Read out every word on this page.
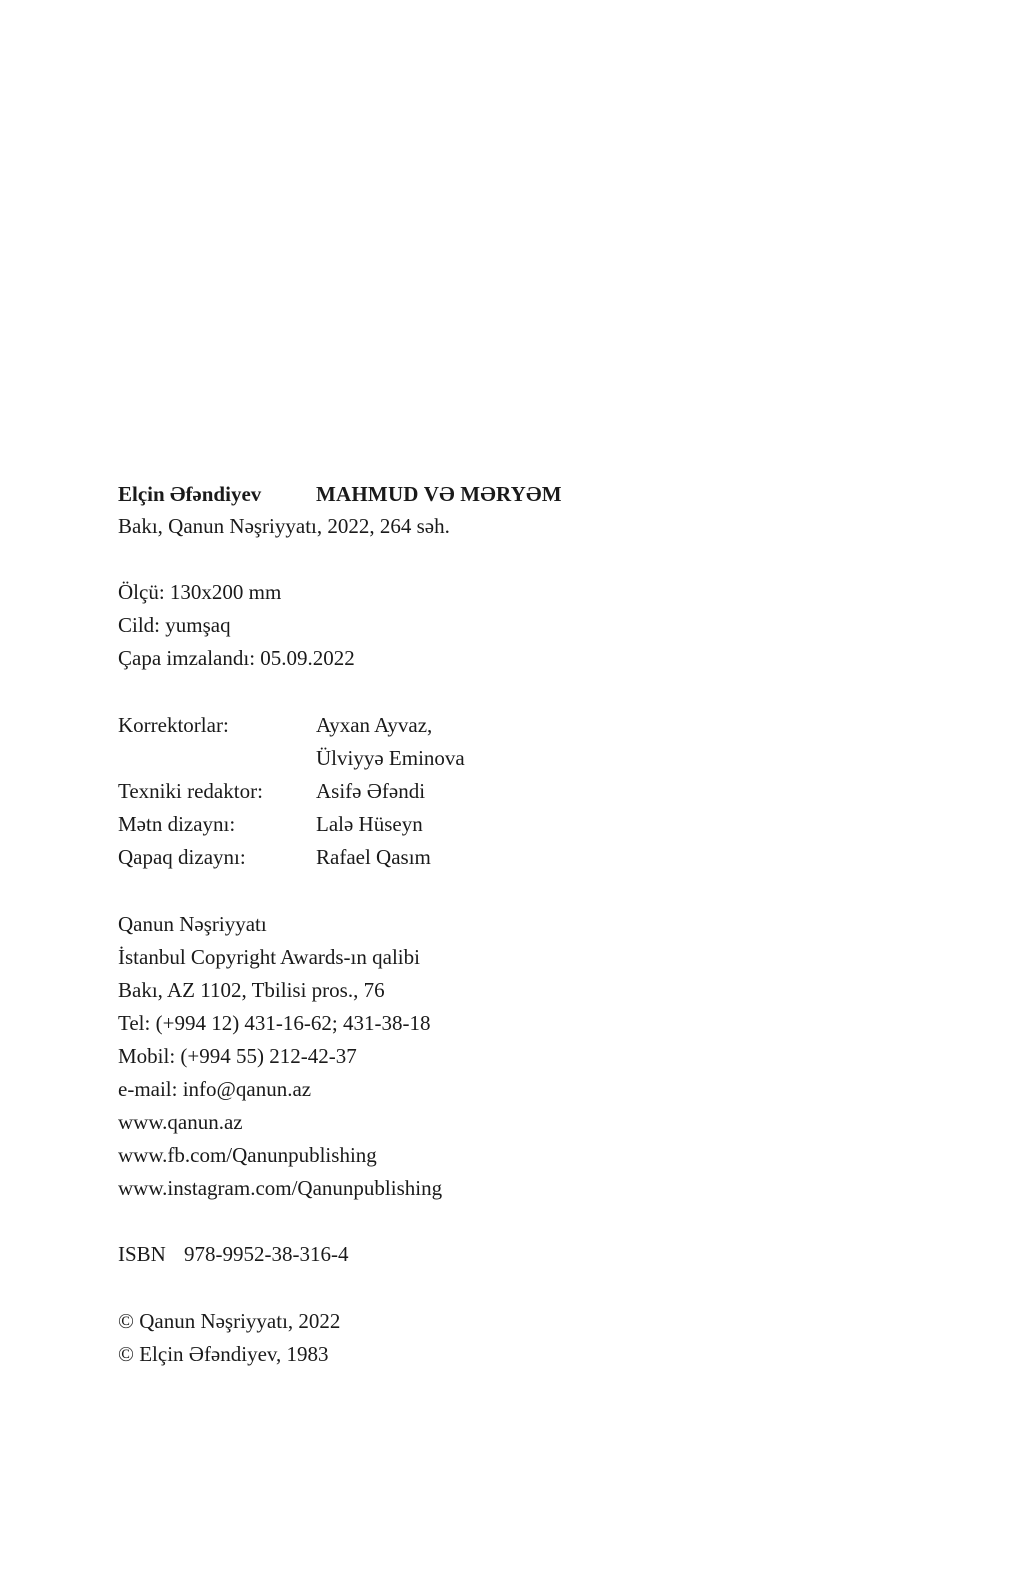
Elçin Əfəndiyev	MAHMUD VƏ MƏRYƏM
Bakı, Qanun Nəşriyyatı, 2022, 264 səh.
Ölçü: 130x200 mm
Cild: yumşaq
Çapa imzalandı: 05.09.2022
Korrektorlar:	Ayxan Ayvaz,
Ülviyyə Eminova
Texniki redaktor:	Asifə Əfəndi
Mətn dizaynı:	Lalə Hüseyn
Qapaq dizaynı:	Rafael Qasım
Qanun Nəşriyyatı
İstanbul Copyright Awards-ın qalibi
Bakı, AZ 1102, Tbilisi pros., 76
Tel: (+994 12) 431-16-62; 431-38-18
Mobil: (+994 55) 212-42-37
e-mail: info@qanun.az
www.qanun.az
www.fb.com/Qanunpublishing
www.instagram.com/Qanunpublishing
ISBN 978-9952-38-316-4
© Qanun Nəşriyyatı, 2022
© Elçin Əfəndiyev, 1983
